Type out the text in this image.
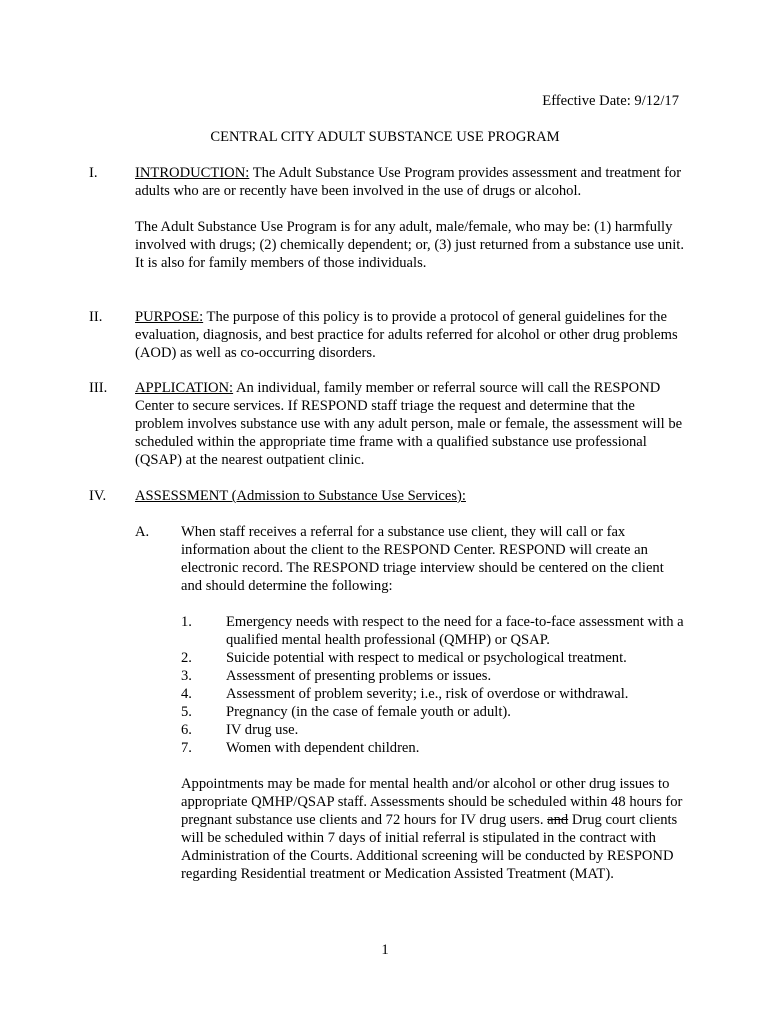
Effective Date: 9/12/17
CENTRAL CITY ADULT SUBSTANCE USE PROGRAM
I.	INTRODUCTION: The Adult Substance Use Program provides assessment and treatment for adults who are or recently have been involved in the use of drugs or alcohol.

The Adult Substance Use Program is for any adult, male/female, who may be: (1) harmfully involved with drugs; (2) chemically dependent; or, (3) just returned from a substance use unit. It is also for family members of those individuals.

II. PURPOSE: The purpose of this policy is to provide a protocol of general guidelines for the evaluation, diagnosis, and best practice for adults referred for alcohol or other drug problems (AOD) as well as co-occurring disorders.

III. APPLICATION: An individual, family member or referral source will call the RESPOND Center to secure services. If RESPOND staff triage the request and determine that the problem involves substance use with any adult person, male or female, the assessment will be scheduled within the appropriate time frame with a qualified substance use professional (QSAP) at the nearest outpatient clinic.

IV. ASSESSMENT (Admission to Substance Use Services):

A. When staff receives a referral for a substance use client, they will call or fax information about the client to the RESPOND Center. RESPOND will create an electronic record. The RESPOND triage interview should be centered on the client and should determine the following:

1. Emergency needs with respect to the need for a face-to-face assessment with a qualified mental health professional (QMHP) or QSAP.
2. Suicide potential with respect to medical or psychological treatment.
3. Assessment of presenting problems or issues.
4. Assessment of problem severity; i.e., risk of overdose or withdrawal.
5. Pregnancy (in the case of female youth or adult).
6. IV drug use.
7. Women with dependent children.

Appointments may be made for mental health and/or alcohol or other drug issues to appropriate QMHP/QSAP staff. Assessments should be scheduled within 48 hours for pregnant substance use clients and 72 hours for IV drug users. and Drug court clients will be scheduled within 7 days of initial referral is stipulated in the contract with Administration of the Courts. Additional screening will be conducted by RESPOND regarding Residential treatment or Medication Assisted Treatment (MAT).

1
